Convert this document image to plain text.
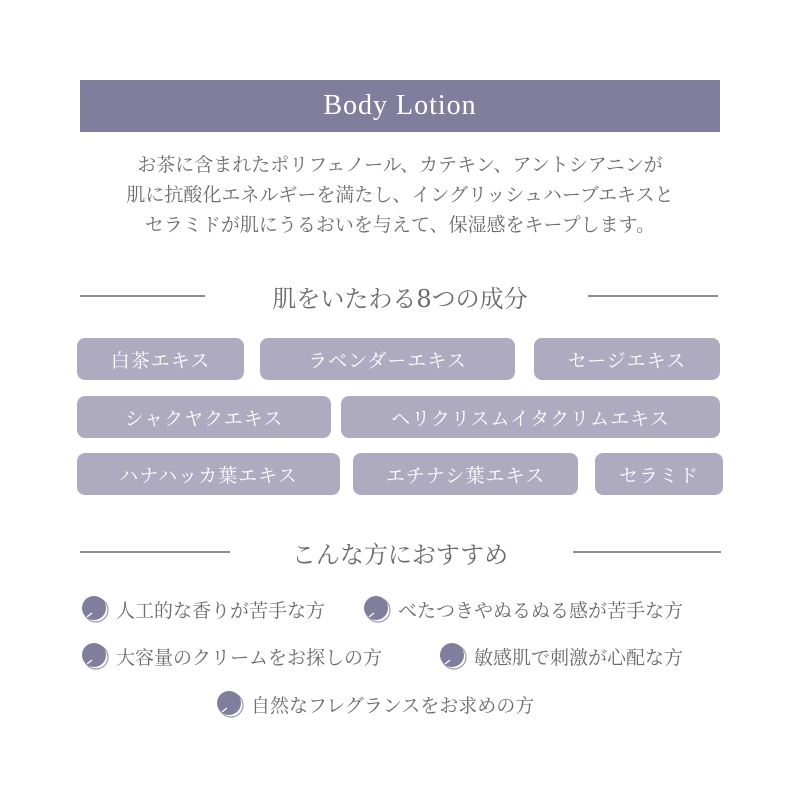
Body Lotion
お茶に含まれたポリフェノール、カテキン、アントシアニンが
肌に抗酸化エネルギーを満たし、イングリッシュハーブエキスと
セラミドが肌にうるおいを与えて、保湿感をキープします。
肌をいたわる8つの成分
白茶エキス	ラベンダーエキス	セージエキス
シャクヤクエキス	ヘリクリスムイタクリムエキス
ハナハッカ葉エキス	エチナシ葉エキス	セラミド
こんな方におすすめ
人工的な香りが苦手な方	べたつきやぬるぬる感が苦手な方
大容量のクリームをお探しの方	敏感肌で刺激が心配な方
自然なフレグランスをお求めの方
